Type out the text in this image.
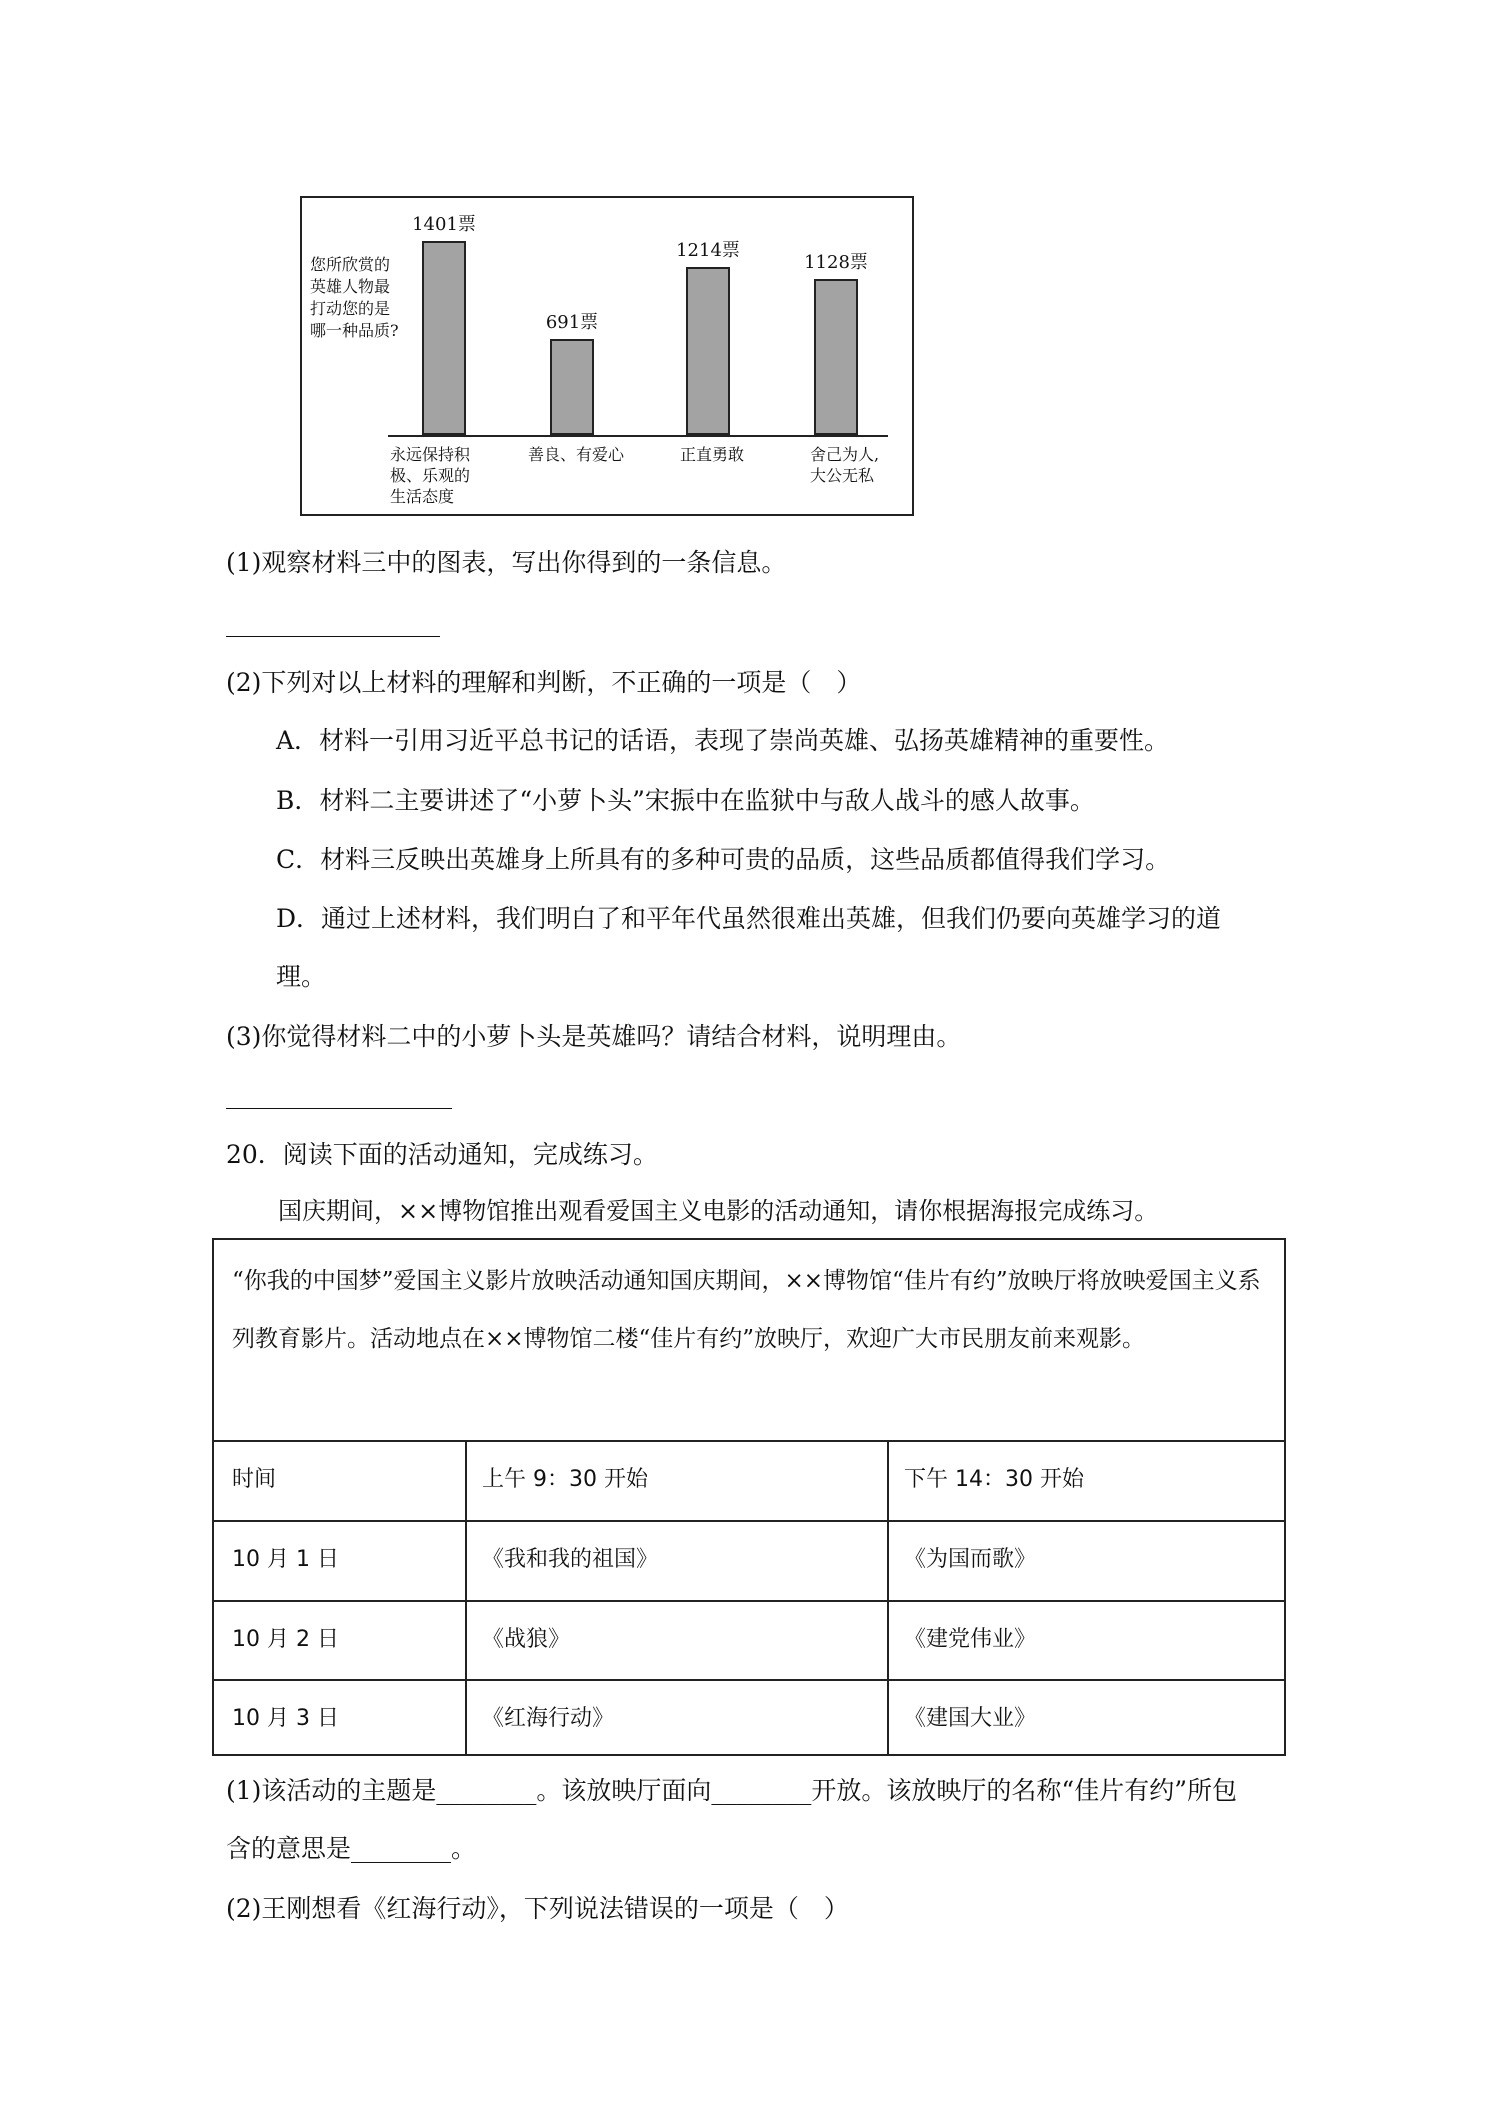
您所欣赏的
英雄人物最
打动您的是
哪一种品质?
1401票
691票
1214票
1128票
永远保持积
极、乐观的
生活态度
善良、有爱心	正直勇敢	舍己为人,
大公无私
(1)观察材料三中的图表，写出你得到的一条信息。
(2)下列对以上材料的理解和判断，不正确的一项是（　）
A．材料一引用习近平总书记的话语，表现了崇尚英雄、弘扬英雄精神的重要性。
B．材料二主要讲述了“小萝卜头”宋振中在监狱中与敌人战斗的感人故事。
C．材料三反映出英雄身上所具有的多种可贵的品质，这些品质都值得我们学习。
D．通过上述材料，我们明白了和平年代虽然很难出英雄，但我们仍要向英雄学习的道
理。
(3)你觉得材料二中的小萝卜头是英雄吗？请结合材料，说明理由。
20．阅读下面的活动通知，完成练习。
国庆期间，××博物馆推出观看爱国主义电影的活动通知，请你根据海报完成练习。
“你我的中国梦”爱国主义影片放映活动通知国庆期间，××博物馆“佳片有约”放映厅将放映爱国主义系列教育影片。活动地点在××博物馆二楼“佳片有约”放映厅，欢迎广大市民朋友前来观影。
时间	上午 9：30 开始	下午 14：30 开始
10 月 1 日	《我和我的祖国》	《为国而歌》
10 月 2 日	《战狼》	《建党伟业》
10 月 3 日	《红海行动》	《建国大业》
(1)该活动的主题是________。该放映厅面向________开放。该放映厅的名称“佳片有约”所包
含的意思是________。
(2)王刚想看《红海行动》，下列说法错误的一项是（　）
